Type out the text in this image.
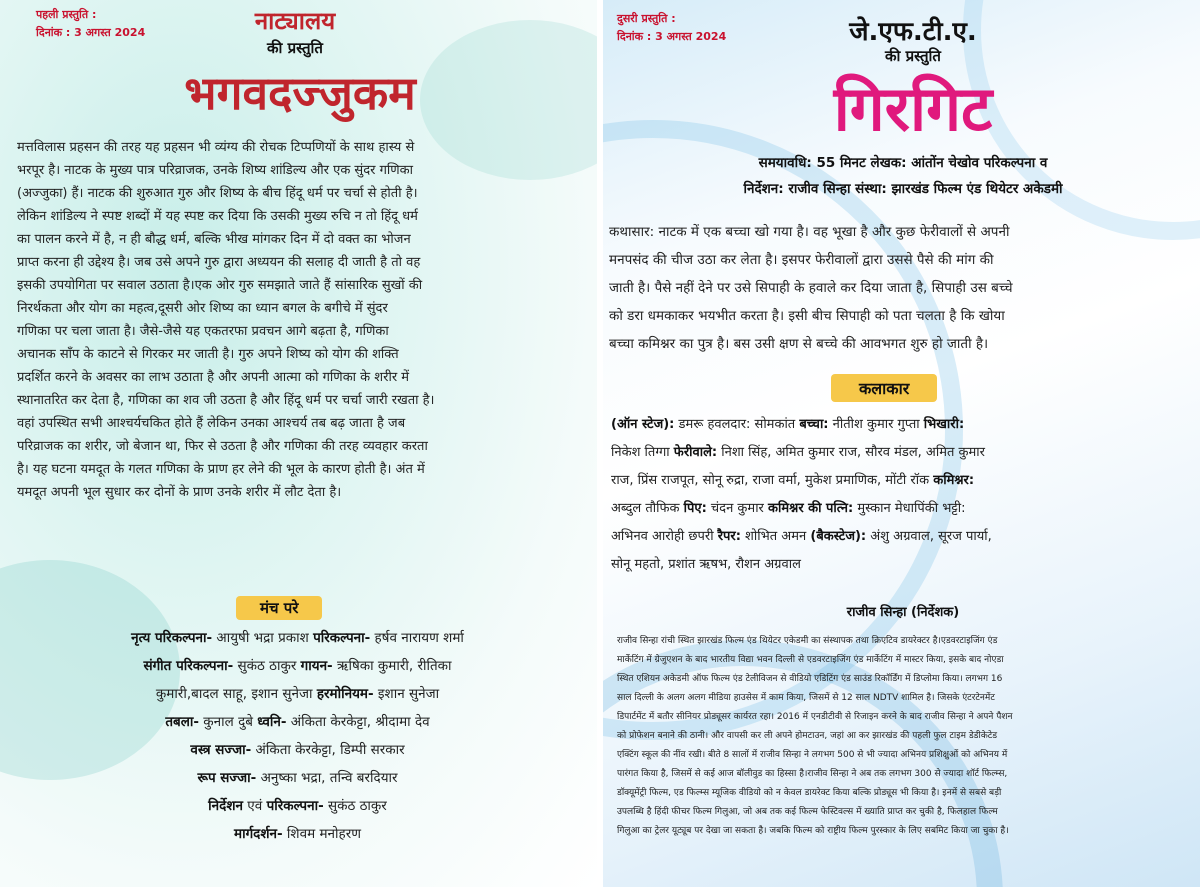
पहली प्रस्तुति :
दिनांक : 3 अगस्त 2024	नाट्यालय
की प्रस्तुति
भगवदज्जुकम

मत्तविलास प्रहसन की तरह यह प्रहसन भी व्यंग्य की रोचक टिप्पणियों के साथ हास्य से

भरपूर है। नाटक के मुख्य पात्र परिव्राजक, उनके शिष्य शांडिल्य और एक सुंदर गणिका

(अज्जुका) हैं। नाटक की शुरुआत गुरु और शिष्य के बीच हिंदू धर्म पर चर्चा से होती है।

लेकिन शांडिल्य ने स्पष्ट शब्दों में यह स्पष्ट कर दिया कि उसकी मुख्य रुचि न तो हिंदू धर्म

का पालन करने में है, न ही बौद्ध धर्म, बल्कि भीख मांगकर दिन में दो वक्त का भोजन

प्राप्त करना ही उद्देश्य है। जब उसे अपने गुरु द्वारा अध्ययन की सलाह दी जाती है तो वह

इसकी उपयोगिता पर सवाल उठाता है।एक ओर गुरु समझाते जाते हैं सांसारिक सुखों की

निरर्थकता और योग का महत्व,दूसरी ओर शिष्य का ध्यान बगल के बगीचे में सुंदर

गणिका पर चला जाता है। जैसे-जैसे यह एकतरफा प्रवचन आगे बढ़ता है, गणिका

अचानक साँप के काटने से गिरकर मर जाती है। गुरु अपने शिष्य को योग की शक्ति

प्रदर्शित करने के अवसर का लाभ उठाता है और अपनी आत्मा को गणिका के शरीर में

स्थानातरित कर देता है, गणिका का शव जी उठता है और हिंदू धर्म पर चर्चा जारी रखता है।

वहां उपस्थित सभी आश्चर्यचकित होते हैं लेकिन उनका आश्चर्य तब बढ़ जाता है जब

परिव्राजक का शरीर, जो बेजान था, फिर से उठता है और गणिका की तरह व्यवहार करता

है। यह घटना यमदूत के गलत गणिका के प्राण हर लेने की भूल के कारण होती है। अंत में

यमदूत अपनी भूल सुधार कर दोनों के प्राण उनके शरीर में लौट देता है।

मंच परे
नृत्य परिकल्पना- आयुषी भद्रा प्रकाश परिकल्पना- हर्षव नारायण शर्मा
संगीत परिकल्पना- सुकंठ ठाकुर गायन- ऋषिका कुमारी, रीतिका
कुमारी,बादल साहू, इशान सुनेजा हरमोनियम- इशान सुनेजा
तबला- कुनाल दुबे ध्वनि- अंकिता केरकेट्टा, श्रीदामा देव
वस्त्र सज्जा- अंकिता केरकेट्टा, डिम्पी सरकार
रूप सज्जा- अनुष्का भद्रा, तन्वि बरदियार
निर्देशन एवं परिकल्पना- सुकंठ ठाकुर
मार्गदर्शन- शिवम मनोहरण
दुसरी प्रस्तुति :
दिनांक : 3 अगस्त 2024	जे.एफ.टी.ए.
की प्रस्तुति
गिरगिट
समयावधि: 55 मिनट लेखक: आंतोंन चेखोव परिकल्पना व
निर्देशन: राजीव सिन्हा संस्था: झारखंड फिल्म एंड थियेटर अकेडमी

कथासार: नाटक में एक बच्चा खो गया है। वह भूखा है और कुछ फेरीवालों से अपनी

मनपसंद की चीज उठा कर लेता है। इसपर फेरीवालों द्वारा उससे पैसे की मांग की

जाती है। पैसे नहीं देने पर उसे सिपाही के हवाले कर दिया जाता है, सिपाही उस बच्चे

को डरा धमकाकर भयभीत करता है। इसी बीच सिपाही को पता चलता है कि खोया

बच्चा कमिश्नर का पुत्र है। बस उसी क्षण से बच्चे की आवभगत शुरु हो जाती है।

कलाकार
(ऑन स्टेज): डमरू हवलदार: सोमकांत बच्चा: नीतीश कुमार गुप्ता भिखारी:
निकेश तिग्गा फेरीवाले: निशा सिंह, अमित कुमार राज, सौरव मंडल, अमित कुमार
राज, प्रिंस राजपूत, सोनू रुद्रा, राजा वर्मा, मुकेश प्रमाणिक, मोंटी रॉक कमिश्नर:
अब्दुल तौफिक पिए: चंदन कुमार कमिश्नर की पत्नि: मुस्कान मेधापिंकी भट्टी:
अभिनव आरोही छपरी रैपर: शोभित अमन (बैकस्टेज): अंशु अग्रवाल, सूरज पार्या,
सोनू महतो, प्रशांत ऋषभ, रौशन अग्रवाल
राजीव सिन्हा (निर्देशक)

राजीव सिन्हा रांची स्थित झारखंड फिल्म एंड थियेटर एकेडमी का संस्थापक तथा क्रिएटिव डायरेक्टर है।एडवरटाइजिंग एंड

मार्केटिंग में ग्रेजुएशन के बाद भारतीय विद्या भवन दिल्ली से एडवरटाइजिंग एंड मार्केटिंग में मास्टर किया, इसके बाद नोएडा

स्थित एशियन अकेडमी ऑफ फिल्म एंड टेलीविजन से वीडियो एडिटिंग एंड साउंड रिकॉर्डिंग में डिप्लोमा किया। लगभग 16

साल दिल्ली के अलग अलग मीडिया हाउसेस में काम किया, जिसमें से 12 साल NDTV शामिल है। जिसके एंटरटेनमेंट

डिपार्टमेंट में बतौर सीनियर प्रोड्यूसर कार्यरत रहा। 2016 में एनडीटीवी से रिजाइन करने के बाद राजीव सिन्हा ने अपने पैशन

को प्रोफेशन बनाने की ठानी। और वापसी कर ली अपने होमटाउन, जहां आ कर झारखंड की पहली फुल टाइम डेडीकेटेड

एक्टिंग स्कूल की नींव रखी। बीते 8 सालों में राजीव सिन्हा ने लगभग 500 से भी ज्यादा अभिनय प्रशिक्षुओं को अभिनय में

पारंगत किया है, जिसमें से कई आज बॉलीवुड का हिस्सा है।राजीव सिन्हा ने अब तक लगभग 300 से ज्यादा शॉर्ट फिल्म्स,

डॉक्यूमेंट्री फिल्म, एड फिल्म्स म्यूजिक वीडियो को न केवल डायरेक्ट किया बल्कि प्रोड्यूस भी किया है। इनमें से सबसे बड़ी

उपलब्धि है हिंदी फीचर फिल्म गिलुआ, जो अब तक कई फिल्म फेस्टिवल्स में ख्याति प्राप्त कर चुकी है, फिलहाल फिल्म

गिलुआ का ट्रेलर यूट्यूब पर देखा जा सकता है। जबकि फिल्म को राष्ट्रीय फिल्म पुरस्कार के लिए सबमिट किया जा चुका है।
